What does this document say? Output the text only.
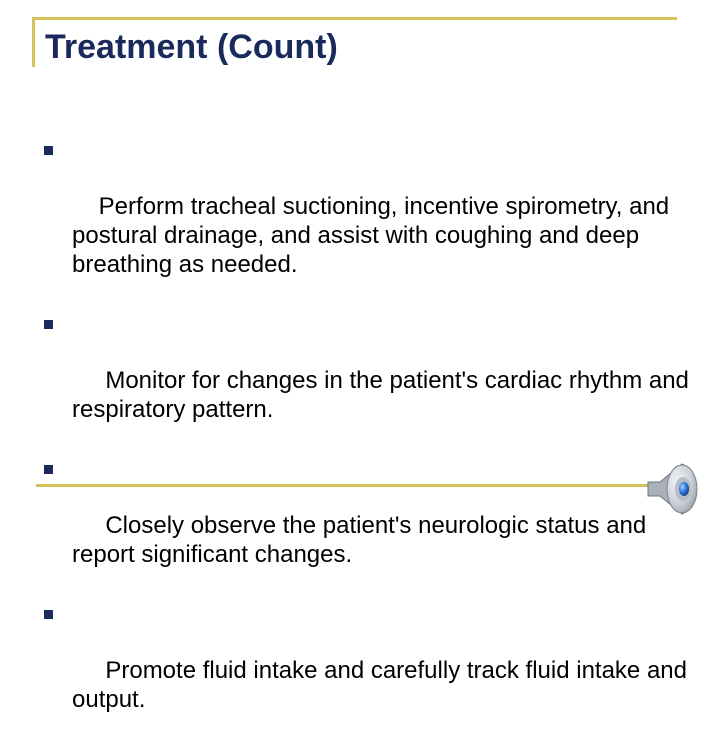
Treatment (Count)

Perform tracheal suctioning, incentive spirometry, and postural drainage, and assist with coughing and deep breathing as needed.

Monitor for changes in the patient's cardiac rhythm and respiratory pattern.

Closely observe the patient's neurologic status and report significant changes.

Promote fluid intake and carefully track fluid intake and output.
